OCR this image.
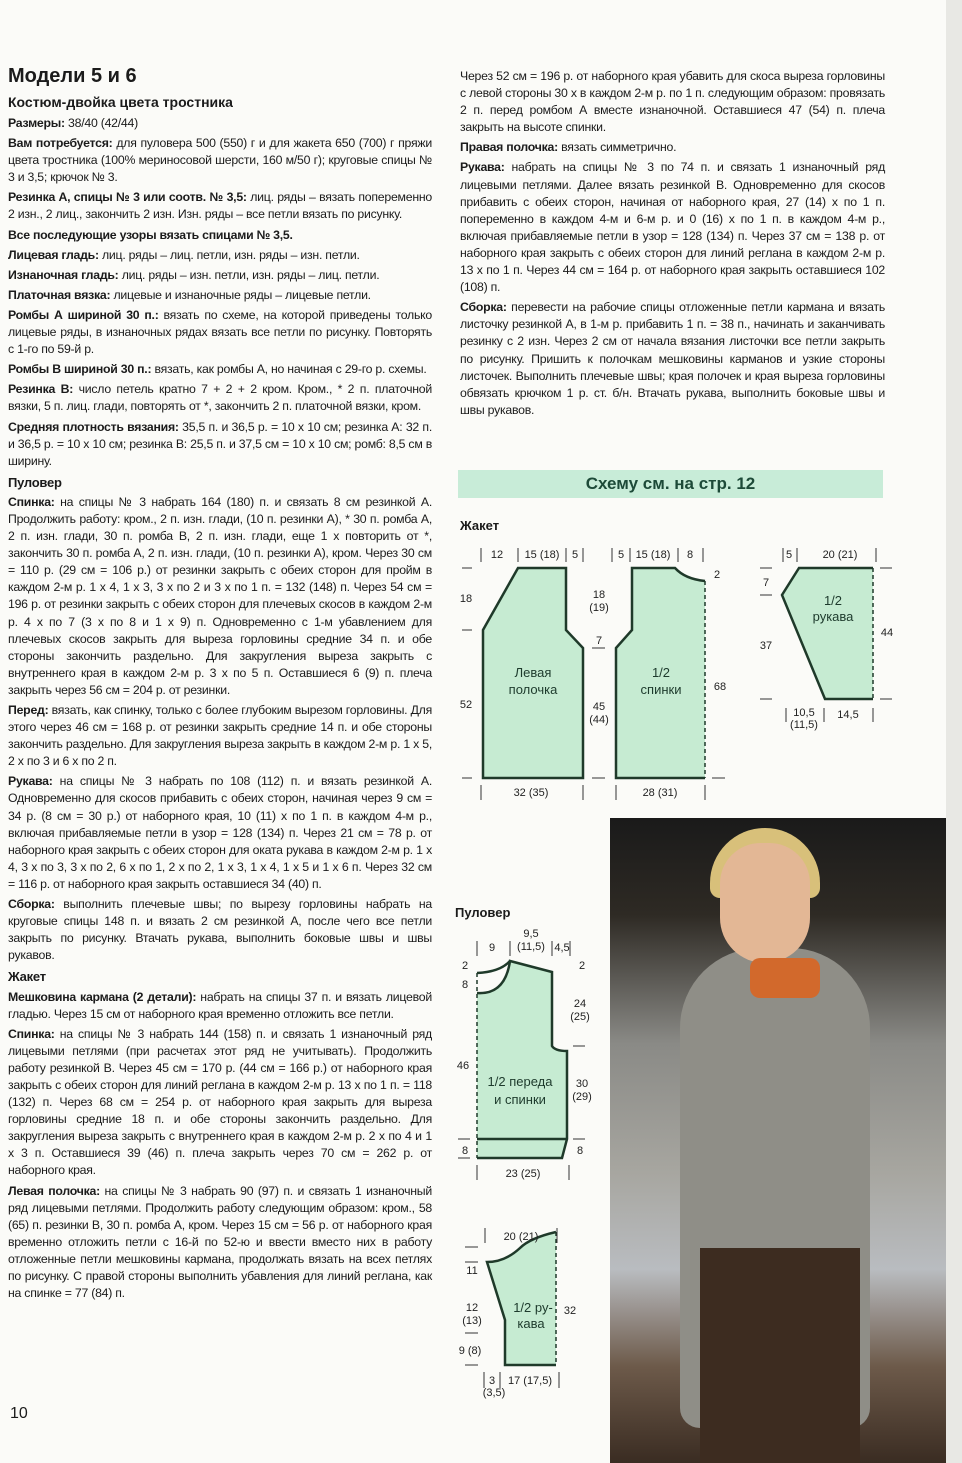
Модели 5 и 6
Костюм-двойка цвета тростника

Размеры: 38/40 (42/44)

Вам потребуется: для пуловера 500 (550) г и для жакета 650 (700) г пряжи цвета тростника (100% мериносовой шерсти, 160 м/50 г); круговые спицы № 3 и 3,5; крючок № 3.

Резинка А, спицы № 3 или соотв. № 3,5: лиц. ряды – вязать попеременно 2 изн., 2 лиц., закончить 2 изн. Изн. ряды – все петли вязать по рисунку.

Все последующие узоры вязать спицами № 3,5.

Лицевая гладь: лиц. ряды – лиц. петли, изн. ряды – изн. петли.

Изнаночная гладь: лиц. ряды – изн. петли, изн. ряды – лиц. петли.

Платочная вязка: лицевые и изнаночные ряды – лицевые петли.

Ромбы А шириной 30 п.: вязать по схеме, на которой приведены только лицевые ряды, в изнаночных рядах вязать все петли по рисунку. Повторять с 1-го по 59-й р.

Ромбы В шириной 30 п.: вязать, как ромбы А, но начиная с 29-го р. схемы.

Резинка В: число петель кратно 7 + 2 + 2 кром. Кром., * 2 п. платочной вязки, 5 п. лиц. глади, повторять от *, закончить 2 п. платочной вязки, кром.

Средняя плотность вязания: 35,5 п. и 36,5 р. = 10 х 10 см; резинка А: 32 п. и 36,5 р. = 10 х 10 см; резинка В: 25,5 п. и 37,5 см = 10 х 10 см; ромб: 8,5 см в ширину.

Пуловер

Спинка: на спицы № 3 набрать 164 (180) п. и связать 8 см резинкой А. Продолжить работу: кром., 2 п. изн. глади, (10 п. резинки А), * 30 п. ромба А, 2 п. изн. глади, 30 п. ромба В, 2 п. изн. глади, еще 1 х повторить от *, закончить 30 п. ромба А, 2 п. изн. глади, (10 п. резинки А), кром. Через 30 см = 110 р. (29 см = 106 р.) от резинки закрыть с обеих сторон для пройм в каждом 2-м р. 1 х 4, 1 х 3, 3 х по 2 и 3 х по 1 п. = 132 (148) п. Через 54 см = 196 р. от резинки закрыть с обеих сторон для плечевых скосов в каждом 2-м р. 4 х по 7 (3 х по 8 и 1 х 9) п. Одновременно с 1-м убавлением для плечевых скосов закрыть для выреза горловины средние 34 п. и обе стороны закончить раздельно. Для закругления выреза закрыть с внутреннего края в каждом 2-м р. 3 х по 5 п. Оставшиеся 6 (9) п. плеча закрыть через 56 см = 204 р. от резинки.

Перед: вязать, как спинку, только с более глубоким вырезом горловины. Для этого через 46 см = 168 р. от резинки закрыть средние 14 п. и обе стороны закончить раздельно. Для закругления выреза закрыть в каждом 2-м р. 1 х 5, 2 х по 3 и 6 х по 2 п.

Рукава: на спицы № 3 набрать по 108 (112) п. и вязать резинкой А. Одновременно для скосов прибавить с обеих сторон, начиная через 9 см = 34 р. (8 см = 30 р.) от наборного края, 10 (11) х по 1 п. в каждом 4-м р., включая прибавляемые петли в узор = 128 (134) п. Через 21 см = 78 р. от наборного края закрыть с обеих сторон для оката рукава в каждом 2-м р. 1 х 4, 3 х по 3, 3 х по 2, 6 х по 1, 2 х по 2, 1 х 3, 1 х 4, 1 х 5 и 1 х 6 п. Через 32 см = 116 р. от наборного края закрыть оставшиеся 34 (40) п.

Сборка: выполнить плечевые швы; по вырезу горловины набрать на круговые спицы 148 п. и вязать 2 см резинкой А, после чего все петли закрыть по рисунку. Втачать рукава, выполнить боковые швы и швы рукавов.

Жакет

Мешковина кармана (2 детали): набрать на спицы 37 п. и вязать лицевой гладью. Через 15 см от наборного края временно отложить все петли.

Спинка: на спицы № 3 набрать 144 (158) п. и связать 1 изнаночный ряд лицевыми петлями (при расчетах этот ряд не учитывать). Продолжить работу резинкой В. Через 45 см = 170 р. (44 см = 166 р.) от наборного края закрыть с обеих сторон для линий реглана в каждом 2-м р. 13 х по 1 п. = 118 (132) п. Через 68 см = 254 р. от наборного края закрыть для выреза горловины средние 18 п. и обе стороны закончить раздельно. Для закругления выреза закрыть с внутреннего края в каждом 2-м р. 2 х по 4 и 1 х 3 п. Оставшиеся 39 (46) п. плеча закрыть через 70 см = 262 р. от наборного края.

Левая полочка: на спицы № 3 набрать 90 (97) п. и связать 1 изнаночный ряд лицевыми петлями. Продолжить работу следующим образом: кром., 58 (65) п. резинки В, 30 п. ромба А, кром. Через 15 см = 56 р. от наборного края временно отложить петли с 16-й по 52-ю и ввести вместо них в работу отложенные петли мешковины кармана, продолжать вязать на всех петлях по рисунку. С правой стороны выполнить убавления для линий реглана, как на спинке = 77 (84) п.

Через 52 см = 196 р. от наборного края убавить для скоса выреза горловины с левой стороны 30 х в каждом 2-м р. по 1 п. следующим образом: провязать 2 п. перед ромбом А вместе изнаночной. Оставшиеся 47 (54) п. плеча закрыть на высоте спинки.

Правая полочка: вязать симметрично.

Рукава: набрать на спицы № 3 по 74 п. и связать 1 изнаночный ряд лицевыми петлями. Далее вязать резинкой В. Одновременно для скосов прибавить с обеих сторон, начиная от наборного края, 27 (14) х по 1 п. попеременно в каждом 4-м и 6-м р. и 0 (16) х по 1 п. в каждом 4-м р., включая прибавляемые петли в узор = 128 (134) п. Через 37 см = 138 р. от наборного края закрыть с обеих сторон для линий реглана в каждом 2-м р. 13 х по 1 п. Через 44 см = 164 р. от наборного края закрыть оставшиеся 102 (108) п.

Сборка: перевести на рабочие спицы отложенные петли кармана и вязать листочку резинкой А, в 1-м р. прибавить 1 п. = 38 п., начинать и заканчивать резинку с 2 изн. Через 2 см от начала вязания листочки все петли закрыть по рисунку. Пришить к полочкам мешковины карманов и узкие стороны листочек. Выполнить плечевые швы; края полочек и края выреза горловины обвязать крючком 1 р. ст. б/н. Втачать рукава, выполнить боковые швы и швы рукавов.

Схему см. на стр. 12
Жакет
Пуловер
Левая
полочка
1/2
спинки
1/2
рукава
12 15 (18) 5
18
52
32 (35)
5 15 (18) 8
2
18
(19)
7
45
(44)
68
28 (31)
5	20 (21)
7
37
44
10,5
(11,5)
14,5
1/2 переда
и спинки
1/2 ру-
кава
9
9,5
(11,5) 4,5
2
8
2
24
(25)
46
30
(29)
8	8
23 (25)
20 (21)
11
12
(13)
32
9 (8)
3
(3,5)
17 (17,5)
10
